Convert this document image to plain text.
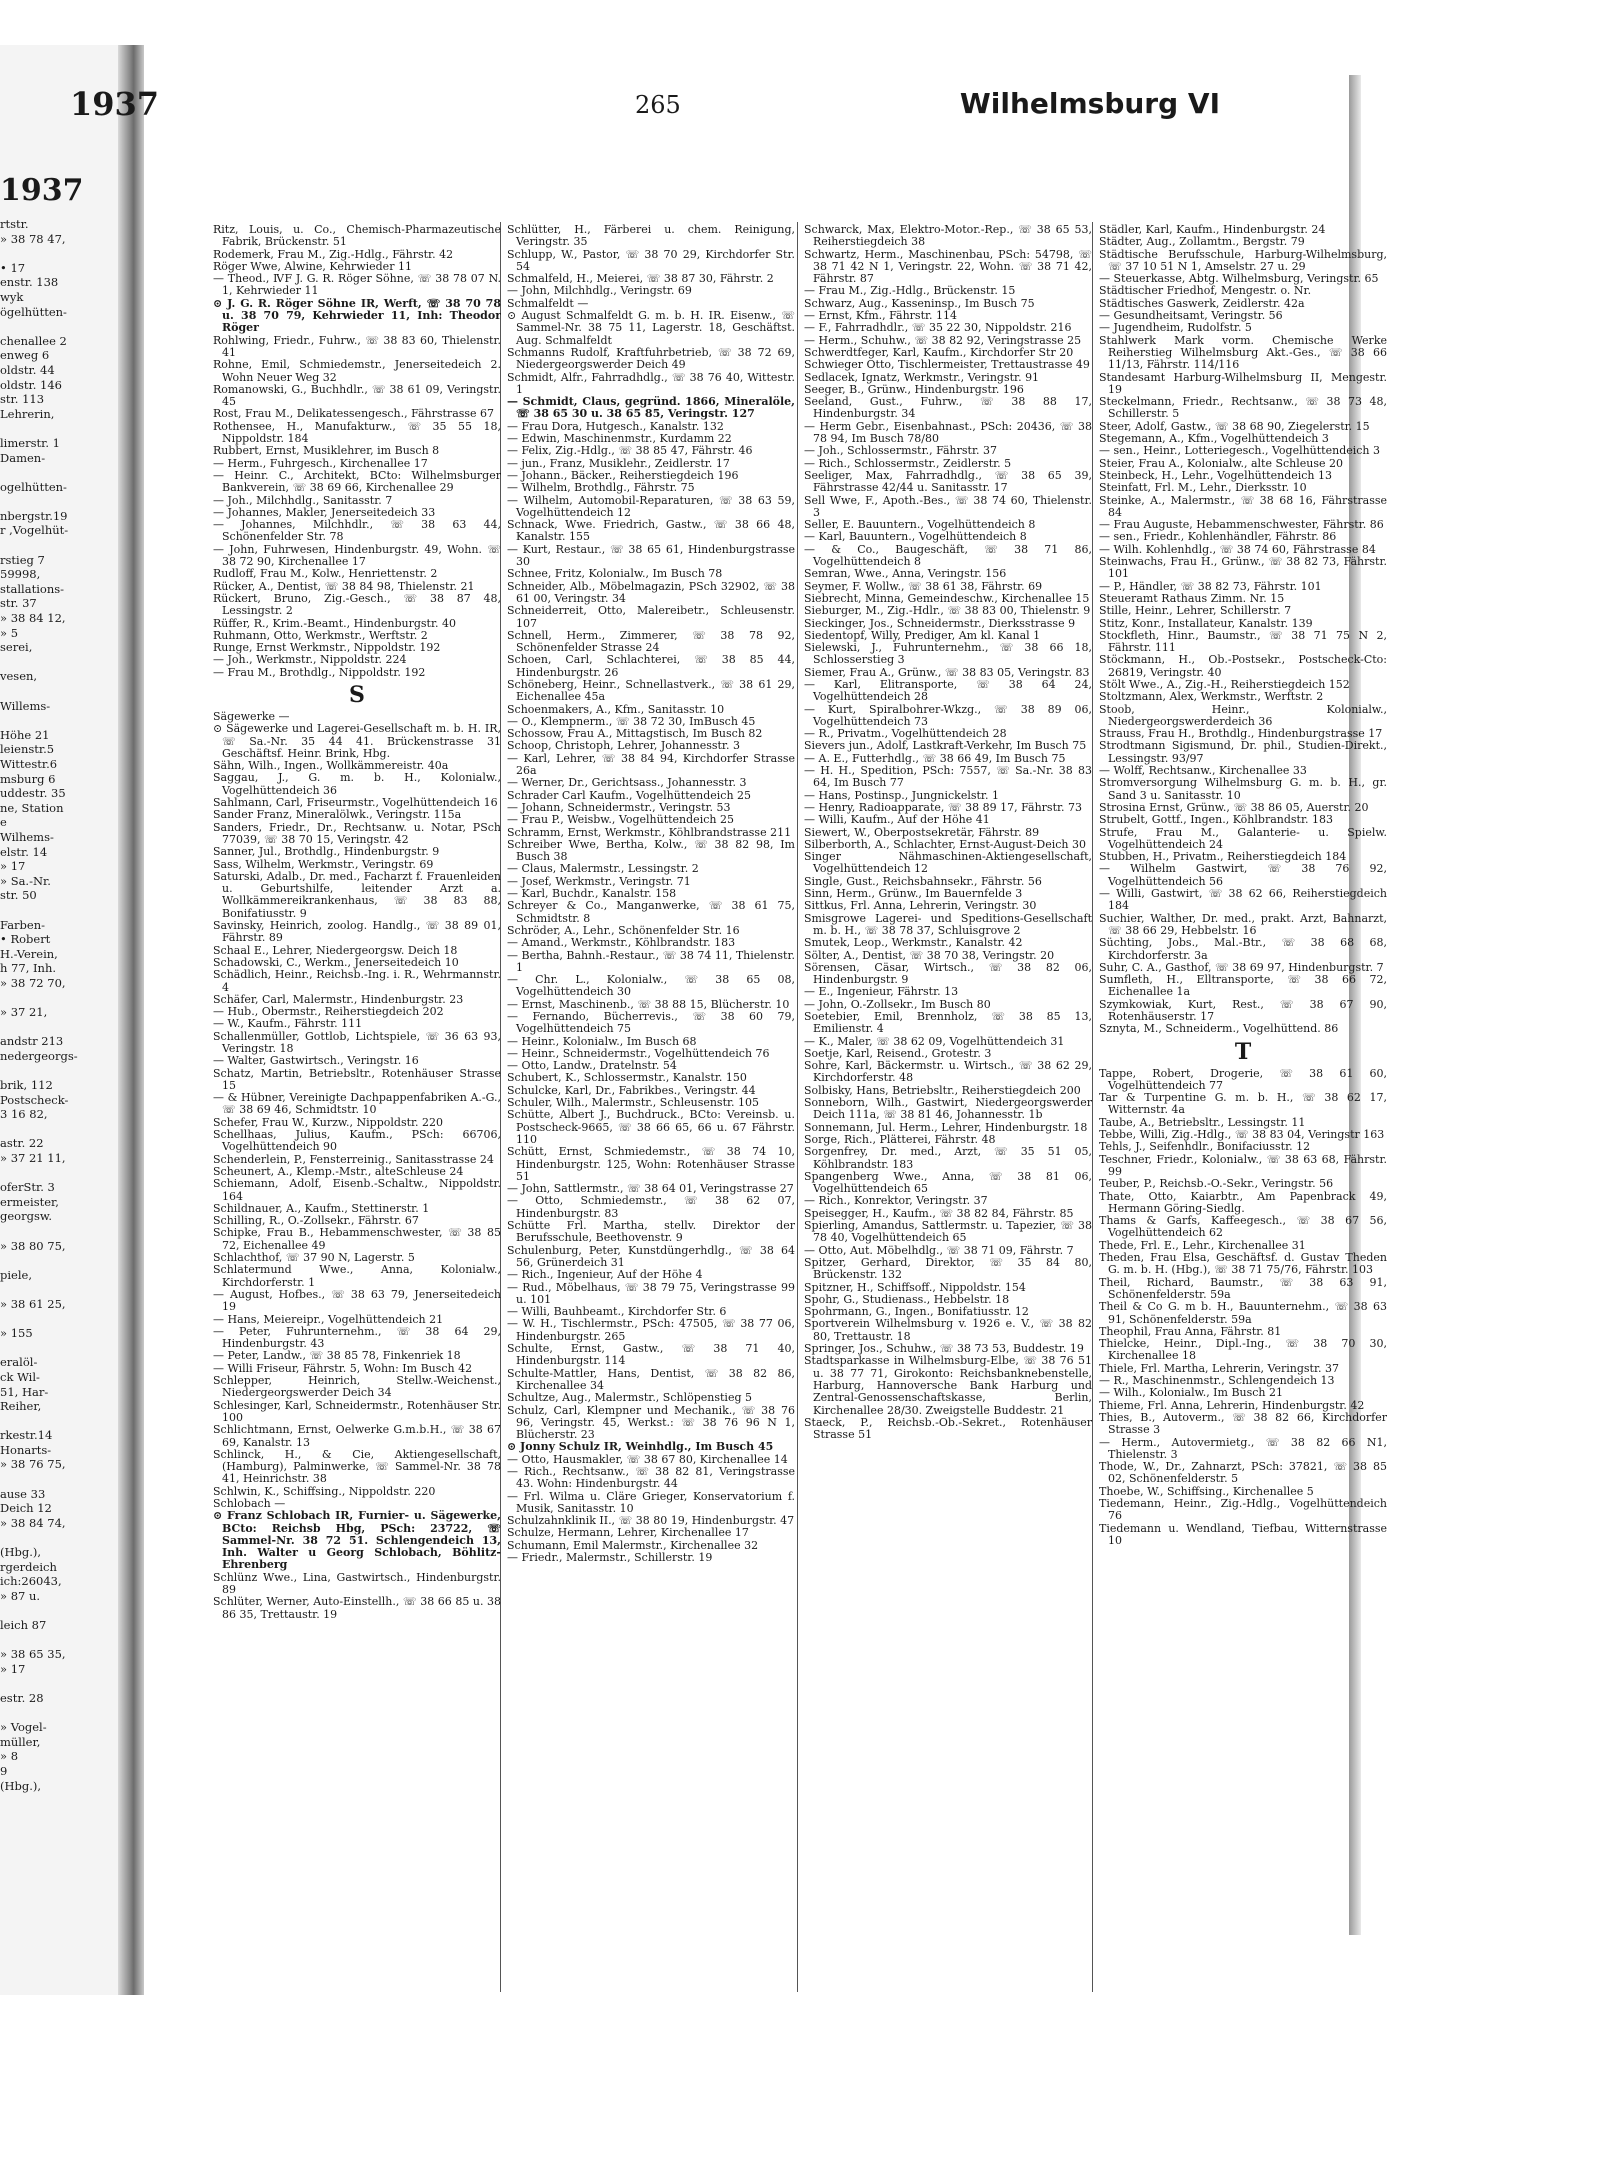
1937
rtstr.
» 38 78 47,
• 17
enstr. 138
wyk
ögelhütten-
chenallee 2
enweg 6
oldstr. 44
oldstr. 146
str. 113
Lehrerin,
limerstr. 1
Damen-
ogelhütten-
nbergstr.19
r ,Vogelhüt-
rstieg 7
59998,
stallations-
str. 37
» 38 84 12,
» 5
serei,
vesen,
Willems-
Höhe 21
leienstr.5
Wittestr.6
msburg 6
uddestr. 35
ne, Station
e
Wilhems-
elstr. 14
» 17
» Sa.-Nr.
str. 50
Farben-
• Robert
H.-Verein,
h 77, Inh.
» 38 72 70,
» 37 21,
andstr 213
nedergeorgs-
brik, 112
Postscheck-
3 16 82,
astr. 22
» 37 21 11,
oferStr. 3
ermeister,
georgsw.
» 38 80 75,
piele,
» 38 61 25,
» 155
eralöl-
ck Wil-
51, Har-
Reiher,
rkestr.14
Honarts-
» 38 76 75,
ause 33
Deich 12
» 38 84 74,
(Hbg.),
rgerdeich
ich:26043,
» 87 u.
leich 87
» 38 65 35,
» 17
estr. 28
» Vogel-
müller,
» 8
9
(Hbg.),
1937	265	Wilhelmsburg VI

Ritz, Louis, u. Co., Chemisch-Pharmazeutische Fabrik, Brückenstr. 51

Rodemerk, Frau M., Zig.-Hdlg., Fährstr. 42

Röger Wwe, Alwine, Kehrwieder 11

— Theod., ⅣF J. G. R. Röger Söhne, ☏ 38 78 07 N. 1, Kehrwieder 11

⊙ J. G. R. Röger Söhne IR, Werft, ☏ 38 70 78 u. 38 70 79, Kehrwieder 11, Inh: Theodor Röger

Rohlwing, Friedr., Fuhrw., ☏ 38 83 60, Thielenstr. 41

Rohne, Emil, Schmiedemstr., Jenerseitedeich 2. Wohn Neuer Weg 32

Romanowski, G., Buchhdlr., ☏ 38 61 09, Veringstr. 45

Rost, Frau M., Delikatessengesch., Fährstrasse 67

Rothensee, H., Manufakturw., ☏ 35 55 18, Nippoldstr. 184

Rubbert, Ernst, Musiklehrer, im Busch 8

— Herm., Fuhrgesch., Kirchenallee 17

— Heinr. C., Architekt, BCto: Wilhelmsburger Bankverein, ☏ 38 69 66, Kirchenallee 29

— Joh., Milchhdlg., Sanitasstr. 7

— Johannes, Makler, Jenerseitedeich 33

— Johannes, Milchhdlr., ☏ 38 63 44, Schönenfelder Str. 78

— John, Fuhrwesen, Hindenburgstr. 49, Wohn. ☏ 38 72 90, Kirchenallee 17

Rudloff, Frau M., Kolw., Henriettenstr. 2

Rücker, A., Dentist, ☏ 38 84 98, Thielenstr. 21

Rückert, Bruno, Zig.-Gesch., ☏ 38 87 48, Lessingstr. 2

Rüffer, R., Krim.-Beamt., Hindenburgstr. 40

Ruhmann, Otto, Werkmstr., Werftstr. 2

Runge, Ernst Werkmstr., Nippoldstr. 192

— Joh., Werkmstr., Nippoldstr. 224

— Frau M., Brothdlg., Nippoldstr. 192

S

Sägewerke —

⊙ Sägewerke und Lagerei-Gesellschaft m. b. H. IR, ☏ Sa.-Nr. 35 44 41. Brückenstrasse 31 Geschäftsf. Heinr. Brink, Hbg.

Sähn, Wilh., Ingen., Wollkämmereistr. 40a

Saggau, J., G. m. b. H., Kolonialw., Vogelhüttendeich 36

Sahlmann, Carl, Friseurmstr., Vogelhüttendeich 16

Sander Franz, Mineralölwk., Veringstr. 115a

Sanders, Friedr., Dr., Rechtsanw. u. Notar, PSch 77039, ☏ 38 70 15, Veringstr. 42

Sanner, Jul., Brothdlg., Hindenburgstr. 9

Sass, Wilhelm, Werkmstr., Veringstr. 69

Saturski, Adalb., Dr. med., Facharzt f. Frauenleiden u. Geburtshilfe, leitender Arzt a. Wollkämmereikrankenhaus, ☏ 38 83 88, Bonifatiusstr. 9

Savinsky, Heinrich, zoolog. Handlg., ☏ 38 89 01, Fährstr. 89

Schaal E., Lehrer, Niedergeorgsw. Deich 18

Schadowski, C., Werkm., Jenerseitedeich 10

Schädlich, Heinr., Reichsb.-Ing. i. R., Wehrmannstr. 4

Schäfer, Carl, Malermstr., Hindenburgstr. 23

— Hub., Obermstr., Reiherstiegdeich 202

— W., Kaufm., Fährstr. 111

Schallenmüller, Gottlob, Lichtspiele, ☏ 36 63 93, Veringstr. 18

— Walter, Gastwirtsch., Veringstr. 16

Schatz, Martin, Betriebsltr., Rotenhäuser Strasse 15

— & Hübner, Vereinigte Dachpappenfabriken A.-G., ☏ 38 69 46, Schmidtstr. 10

Schefer, Frau W., Kurzw., Nippoldstr. 220

Schellhaas, Julius, Kaufm., PSch: 66706, Vogelhüttendeich 90

Schenderlein, P., Fensterreinig., Sanitasstrasse 24

Scheunert, A., Klemp.-Mstr., alteSchleuse 24

Schiemann, Adolf, Eisenb.-Schaltw., Nippoldstr. 164

Schildnauer, A., Kaufm., Stettinerstr. 1

Schilling, R., O.-Zollsekr., Fährstr. 67

Schipke, Frau B., Hebammenschwester, ☏ 38 85 72, Eichenallee 49

Schlachthof, ☏ 37 90 N, Lagerstr. 5

Schlatermund Wwe., Anna, Kolonialw., Kirchdorferstr. 1

— August, Hofbes., ☏ 38 63 79, Jenerseitedeich 19

— Hans, Meiereipr., Vogelhüttendeich 21

— Peter, Fuhrunternehm., ☏ 38 64 29, Hindenburgstr. 43

— Peter, Landw., ☏ 38 85 78, Finkenriek 18

— Willi Friseur, Fährstr. 5, Wohn: Im Busch 42

Schlepper, Heinrich, Stellw.-Weichenst., Niedergeorgswerder Deich 34

Schlesinger, Karl, Schneidermstr., Rotenhäuser Str. 100

Schlichtmann, Ernst, Oelwerke G.m.b.H., ☏ 38 67 69, Kanalstr. 13

Schlinck, H., & Cie, Aktiengesellschaft, (Hamburg), Palminwerke, ☏ Sammel-Nr. 38 78 41, Heinrichstr. 38

Schlwin, K., Schiffsing., Nippoldstr. 220

Schlobach —

⊙ Franz Schlobach IR, Furnier- u. Sägewerke, BCto: Reichsb Hbg, PSch: 23722, ☏ Sammel-Nr. 38 72 51. Schlengendeich 13, Inh. Walter u Georg Schlobach, Böhlitz-Ehrenberg

Schlünz Wwe., Lina, Gastwirtsch., Hindenburgstr. 89

Schlüter, Werner, Auto-Einstellh., ☏ 38 66 85 u. 38 86 35, Trettaustr. 19

Schlütter, H., Färberei u. chem. Reinigung, Veringstr. 35

Schlupp, W., Pastor, ☏ 38 70 29, Kirchdorfer Str. 54

Schmalfeld, H., Meierei, ☏ 38 87 30, Fährstr. 2

— John, Milchhdlg., Veringstr. 69

Schmalfeldt —

⊙ August Schmalfeldt G. m. b. H. IR. Eisenw., ☏ Sammel-Nr. 38 75 11, Lagerstr. 18, Geschäftst. Aug. Schmalfeldt

Schmanns Rudolf, Kraftfuhrbetrieb, ☏ 38 72 69, Niedergeorgswerder Deich 49

Schmidt, Alfr., Fahrradhdlg., ☏ 38 76 40, Wittestr. 1

— Schmidt, Claus, gegründ. 1866, Mineralöle, ☏ 38 65 30 u. 38 65 85, Veringstr. 127

— Frau Dora, Hutgesch., Kanalstr. 132

— Edwin, Maschinenmstr., Kurdamm 22

— Felix, Zig.-Hdlg., ☏ 38 85 47, Fährstr. 46

— jun., Franz, Musiklehr., Zeidlerstr. 17

— Johann., Bäcker., Reiherstiegdeich 196

— Wilhelm, Brothdlg., Fährstr. 75

— Wilhelm, Automobil-Reparaturen, ☏ 38 63 59, Vogelhüttendeich 12

Schnack, Wwe. Friedrich, Gastw., ☏ 38 66 48, Kanalstr. 155

— Kurt, Restaur., ☏ 38 65 61, Hindenburgstrasse 30

Schnee, Fritz, Kolonialw., Im Busch 78

Schneider, Alb., Möbelmagazin, PSch 32902, ☏ 38 61 00, Veringstr. 34

Schneiderreit, Otto, Malereibetr., Schleusenstr. 107

Schnell, Herm., Zimmerer, ☏ 38 78 92, Schönenfelder Strasse 24

Schoen, Carl, Schlachterei, ☏ 38 85 44, Hindenburgstr. 26

Schöneberg, Heinr., Schnellastverk., ☏ 38 61 29, Eichenallee 45a

Schoenmakers, A., Kfm., Sanitasstr. 10

— O., Klempnerm., ☏ 38 72 30, ImBusch 45

Schossow, Frau A., Mittagstisch, Im Busch 82

Schoop, Christoph, Lehrer, Johannesstr. 3

— Karl, Lehrer, ☏ 38 84 94, Kirchdorfer Strasse 26a

— Werner, Dr., Gerichtsass., Johannesstr. 3

Schrader Carl Kaufm., Vogelhüttendeich 25

— Johann, Schneidermstr., Veringstr. 53

— Frau P., Weisbw., Vogelhüttendeich 25

Schramm, Ernst, Werkmstr., Köhlbrandstrasse 211

Schreiber Wwe, Bertha, Kolw., ☏ 38 82 98, Im Busch 38

— Claus, Malermstr., Lessingstr. 2

— Josef, Werkmstr., Veringstr. 71

— Karl, Buchdr., Kanalstr. 158

Schreyer & Co., Manganwerke, ☏ 38 61 75, Schmidtstr. 8

Schröder, A., Lehr., Schönenfelder Str. 16

— Amand., Werkmstr., Köhlbrandstr. 183

— Bertha, Bahnh.-Restaur., ☏ 38 74 11, Thielenstr. 1

— Chr. L., Kolonialw., ☏ 38 65 08, Vogelhüttendeich 30

— Ernst, Maschinenb., ☏ 38 88 15, Blücherstr. 10

— Fernando, Bücherrevis., ☏ 38 60 79, Vogelhüttendeich 75

— Heinr., Kolonialw., Im Busch 68

— Heinr., Schneidermstr., Vogelhüttendeich 76

— Otto, Landw., Dratelnstr. 54

Schubert, K., Schlossermstr., Kanalstr. 150

Schulcke, Karl, Dr., Fabrikbes., Veringstr. 44

Schuler, Wilh., Malermstr., Schleusenstr. 105

Schütte, Albert J., Buchdruck., BCto: Vereinsb. u. Postscheck-9665, ☏ 38 66 65, 66 u. 67 Fährstr. 110

Schütt, Ernst, Schmiedemstr., ☏ 38 74 10, Hindenburgstr. 125, Wohn: Rotenhäuser Strasse 51

— John, Sattlermstr., ☏ 38 64 01, Veringstrasse 27

— Otto, Schmiedemstr., ☏ 38 62 07, Hindenburgstr. 83

Schütte Frl. Martha, stellv. Direktor der Berufsschule, Beethovenstr. 9

Schulenburg, Peter, Kunstdüngerhdlg., ☏ 38 64 56, Grünerdeich 31

— Rich., Ingenieur, Auf der Höhe 4

— Rud., Möbelhaus, ☏ 38 79 75, Veringstrasse 99 u. 101

— Willi, Bauhbeamt., Kirchdorfer Str. 6

— W. H., Tischlermstr., PSch: 47505, ☏ 38 77 06, Hindenburgstr. 265

Schulte, Ernst, Gastw., ☏ 38 71 40, Hindenburgstr. 114

Schulte-Mattler, Hans, Dentist, ☏ 38 82 86, Kirchenallee 34

Schultze, Aug., Malermstr., Schlöpenstieg 5

Schulz, Carl, Klempner und Mechanik., ☏ 38 76 96, Veringstr. 45, Werkst.: ☏ 38 76 96 N 1, Blücherstr. 23

⊙ Jonny Schulz IR, Weinhdlg., Im Busch 45

— Otto, Hausmakler, ☏ 38 67 80, Kirchenallee 14

— Rich., Rechtsanw., ☏ 38 82 81, Veringstrasse 43. Wohn: Hindenburgstr. 44

— Frl. Wilma u. Cläre Grieger, Konservatorium f. Musik, Sanitasstr. 10

Schulzahnklinik II., ☏ 38 80 19, Hindenburgstr. 47

Schulze, Hermann, Lehrer, Kirchenallee 17

Schumann, Emil Malermstr., Kirchenallee 32

— Friedr., Malermstr., Schillerstr. 19

Schwarck, Max, Elektro-Motor.-Rep., ☏ 38 65 53, Reiherstiegdeich 38

Schwartz, Herm., Maschinenbau, PSch: 54798, ☏ 38 71 42 N 1, Veringstr. 22, Wohn. ☏ 38 71 42, Fährstr. 87

— Frau M., Zig.-Hdlg., Brückenstr. 15

Schwarz, Aug., Kasseninsp., Im Busch 75

— Ernst, Kfm., Fährstr. 114

— F., Fahrradhdlr., ☏ 35 22 30, Nippoldstr. 216

— Herm., Schuhw., ☏ 38 82 92, Veringstrasse 25

Schwerdtfeger, Karl, Kaufm., Kirchdorfer Str 20

Schwieger Otto, Tischlermeister, Trettaustrasse 49

Sedlacek, Ignatz, Werkmstr., Veringstr. 91

Seeger, B., Grünw., Hindenburgstr. 196

Seeland, Gust., Fuhrw., ☏ 38 88 17, Hindenburgstr. 34

— Herm Gebr., Eisenbahnast., PSch: 20436, ☏ 38 78 94, Im Busch 78/80

— Joh., Schlossermstr., Fährstr. 37

— Rich., Schlossermstr., Zeidlerstr. 5

Seeliger, Max, Fahrradhdlg., ☏ 38 65 39, Fährstrasse 42/44 u. Sanitasstr. 17

Sell Wwe, F., Apoth.-Bes., ☏ 38 74 60, Thielenstr. 3

Seller, E. Bauuntern., Vogelhüttendeich 8

— Karl, Bauuntern., Vogelhüttendeich 8

— & Co., Baugeschäft, ☏ 38 71 86, Vogelhüttendeich 8

Semran, Wwe., Anna, Veringstr. 156

Seymer, F. Wollw., ☏ 38 61 38, Fährstr. 69

Siebrecht, Minna, Gemeindeschw., Kirchenallee 15

Sieburger, M., Zig.-Hdlr., ☏ 38 83 00, Thielenstr. 9

Sieckinger, Jos., Schneidermstr., Dierksstrasse 9

Siedentopf, Willy, Prediger, Am kl. Kanal 1

Sielewski, J., Fuhrunternehm., ☏ 38 66 18, Schlosserstieg 3

Siemer, Frau A., Grünw., ☏ 38 83 05, Veringstr. 83

— Karl, Elitransporte, ☏ 38 64 24, Vogelhüttendeich 28

— Kurt, Spiralbohrer-Wkzg., ☏ 38 89 06, Vogelhüttendeich 73

— R., Privatm., Vogelhüttendeich 28

Sievers jun., Adolf, Lastkraft-Verkehr, Im Busch 75

— A. E., Futterhdlg., ☏ 38 66 49, Im Busch 75

— H. H., Spedition, PSch: 7557, ☏ Sa.-Nr. 38 83 64, Im Busch 77

— Hans, Postinsp., Jungnickelstr. 1

— Henry, Radioapparate, ☏ 38 89 17, Fährstr. 73

— Willi, Kaufm., Auf der Höhe 41

Siewert, W., Oberpostsekretär, Fährstr. 89

Silberborth, A., Schlachter, Ernst-August-Deich 30

Singer Nähmaschinen-Aktiengesellschaft, Vogelhüttendeich 12

Single, Gust., Reichsbahnsekr., Fährstr. 56

Sinn, Herm., Grünw., Im Bauernfelde 3

Sittkus, Frl. Anna, Lehrerin, Veringstr. 30

Smisgrowe Lagerei- und Speditions-Gesellschaft m. b. H., ☏ 38 78 37, Schluisgrove 2

Smutek, Leop., Werkmstr., Kanalstr. 42

Sölter, A., Dentist, ☏ 38 70 38, Veringstr. 20

Sörensen, Cäsar, Wirtsch., ☏ 38 82 06, Hindenburgstr. 9

— E., Ingenieur, Fährstr. 13

— John, O.-Zollsekr., Im Busch 80

Soetebier, Emil, Brennholz, ☏ 38 85 13, Emilienstr. 4

— K., Maler, ☏ 38 62 09, Vogelhüttendeich 31

Soetje, Karl, Reisend., Grotestr. 3

Sohre, Karl, Bäckermstr. u. Wirtsch., ☏ 38 62 29, Kirchdorferstr. 48

Solbisky, Hans, Betriebsltr., Reiherstiegdeich 200

Sonneborn, Wilh., Gastwirt, Niedergeorgswerder Deich 111a, ☏ 38 81 46, Johannesstr. 1b

Sonnemann, Jul. Herm., Lehrer, Hindenburgstr. 18

Sorge, Rich., Plätterei, Fährstr. 48

Sorgenfrey, Dr. med., Arzt, ☏ 35 51 05, Köhlbrandstr. 183

Spangenberg Wwe., Anna, ☏ 38 81 06, Vogelhüttendeich 65

— Rich., Konrektor, Veringstr. 37

Speisegger, H., Kaufm., ☏ 38 82 84, Fährstr. 85

Spierling, Amandus, Sattlermstr. u. Tapezier, ☏ 38 78 40, Vogelhüttendeich 65

— Otto, Aut. Möbelhdlg., ☏ 38 71 09, Fährstr. 7

Spitzer, Gerhard, Direktor, ☏ 35 84 80, Brückenstr. 132

Spitzner, H., Schiffsoff., Nippoldstr. 154

Spohr, G., Studienass., Hebbelstr. 18

Spohrmann, G., Ingen., Bonifatiusstr. 12

Sportverein Wilhelmsburg v. 1926 e. V., ☏ 38 82 80, Trettaustr. 18

Springer, Jos., Schuhw., ☏ 38 73 53, Buddestr. 19

Stadtsparkasse in Wilhelmsburg-Elbe, ☏ 38 76 51 u. 38 77 71, Girokonto: Reichsbanknebenstelle, Harburg, Hannoversche Bank Harburg und Zentral-Genossenschaftskasse, Berlin, Kirchenallee 28/30. Zweigstelle Buddestr. 21

Staeck, P., Reichsb.-Ob.-Sekret., Rotenhäuser Strasse 51

Städler, Karl, Kaufm., Hindenburgstr. 24

Städter, Aug., Zollamtm., Bergstr. 79

Städtische Berufsschule, Harburg-Wilhelmsburg, ☏ 37 10 51 N 1, Amselstr. 27 u. 29

— Steuerkasse, Abtg. Wilhelmsburg, Veringstr. 65

Städtischer Friedhof, Mengestr. o. Nr.

Städtisches Gaswerk, Zeidlerstr. 42a

— Gesundheitsamt, Veringstr. 56

— Jugendheim, Rudolfstr. 5

Stahlwerk Mark vorm. Chemische Werke Reiherstieg Wilhelmsburg Akt.-Ges., ☏ 38 66 11/13, Fährstr. 114/116

Standesamt Harburg-Wilhelmsburg II, Mengestr. 19

Steckelmann, Friedr., Rechtsanw., ☏ 38 73 48, Schillerstr. 5

Steer, Adolf, Gastw., ☏ 38 68 90, Ziegelerstr. 15

Stegemann, A., Kfm., Vogelhüttendeich 3

— sen., Heinr., Lotteriegesch., Vogelhüttendeich 3

Steier, Frau A., Kolonialw., alte Schleuse 20

Steinbeck, H., Lehr., Vogelhüttendeich 13

Steinfatt, Frl. M., Lehr., Dierksstr. 10

Steinke, A., Malermstr., ☏ 38 68 16, Fährstrasse 84

— Frau Auguste, Hebammenschwester, Fährstr. 86

— sen., Friedr., Kohlenhändler, Fährstr. 86

— Wilh. Kohlenhdlg., ☏ 38 74 60, Fährstrasse 84

Steinwachs, Frau H., Grünw., ☏ 38 82 73, Fährstr. 101

— P., Händler, ☏ 38 82 73, Fährstr. 101

Steueramt Rathaus Zimm. Nr. 15

Stille, Heinr., Lehrer, Schillerstr. 7

Stitz, Konr., Installateur, Kanalstr. 139

Stockfleth, Hinr., Baumstr., ☏ 38 71 75 N 2, Fährstr. 111

Stöckmann, H., Ob.-Postsekr., Postscheck-Cto: 26819, Veringstr. 40

Stölt Wwe., A., Zig.-H., Reiherstiegdeich 152

Stoltzmann, Alex, Werkmstr., Werftstr. 2

Stoob, Heinr., Kolonialw., Niedergeorgswerderdeich 36

Strauss, Frau H., Brothdlg., Hindenburgstrasse 17

Strodtmann Sigismund, Dr. phil., Studien-Direkt., Lessingstr. 93/97

— Wolff, Rechtsanw., Kirchenallee 33

Stromversorgung Wilhelmsburg G. m. b. H., gr. Sand 3 u. Sanitasstr. 10

Strosina Ernst, Grünw., ☏ 38 86 05, Auerstr. 20

Strubelt, Gottf., Ingen., Köhlbrandstr. 183

Strufe, Frau M., Galanterie- u. Spielw. Vogelhüttendeich 24

Stubben, H., Privatm., Reiherstiegdeich 184

— Wilhelm Gastwirt, ☏ 38 76 92, Vogelhüttendeich 56

— Willi, Gastwirt, ☏ 38 62 66, Reiherstiegdeich 184

Suchier, Walther, Dr. med., prakt. Arzt, Bahnarzt, ☏ 38 66 29, Hebbelstr. 16

Süchting, Jobs., Mal.-Btr., ☏ 38 68 68, Kirchdorferstr. 3a

Suhr, C. A., Gasthof, ☏ 38 69 97, Hindenburgstr. 7

Sumfleth, H., Elltransporte, ☏ 38 66 72, Eichenallee 1a

Szymkowiak, Kurt, Rest., ☏ 38 67 90, Rotenhäuserstr. 17

Sznyta, M., Schneiderm., Vogelhüttend. 86

T

Tappe, Robert, Drogerie, ☏ 38 61 60, Vogelhüttendeich 77

Tar & Turpentine G. m. b. H., ☏ 38 62 17, Witternstr. 4a

Taube, A., Betriebsltr., Lessingstr. 11

Tebbe, Willi, Zig.-Hdlg., ☏ 38 83 04, Veringstr 163

Tehls, J., Seifenhdlr., Bonifaciusstr. 12

Teschner, Friedr., Kolonialw., ☏ 38 63 68, Fährstr. 99

Teuber, P., Reichsb.-O.-Sekr., Veringstr. 56

Thate, Otto, Kaiarbtr., Am Papenbrack 49, Hermann Göring-Siedlg.

Thams & Garfs, Kaffeegesch., ☏ 38 67 56, Vogelhüttendeich 62

Thede, Frl. E., Lehr., Kirchenallee 31

Theden, Frau Elsa, Geschäftsf. d. Gustav Theden G. m. b. H. (Hbg.), ☏ 38 71 75/76, Fährstr. 103

Theil, Richard, Baumstr., ☏ 38 63 91, Schönenfelderstr. 59a

Theil & Co G. m b. H., Bauunternehm., ☏ 38 63 91, Schönenfelderstr. 59a

Theophil, Frau Anna, Fährstr. 81

Thielcke, Heinr., Dipl.-Ing., ☏ 38 70 30, Kirchenallee 18

Thiele, Frl. Martha, Lehrerin, Veringstr. 37

— R., Maschinenmstr., Schlengendeich 13

— Wilh., Kolonialw., Im Busch 21

Thieme, Frl. Anna, Lehrerin, Hindenburgstr. 42

Thies, B., Autoverm., ☏ 38 82 66, Kirchdorfer Strasse 3

— Herm., Autovermietg., ☏ 38 82 66 N1, Thielenstr. 3

Thode, W., Dr., Zahnarzt, PSch: 37821, ☏ 38 85 02, Schönenfelderstr. 5

Thoebe, W., Schiffsing., Kirchenallee 5

Tiedemann, Heinr., Zig.-Hdlg., Vogelhüttendeich 76

Tiedemann u. Wendland, Tiefbau, Witternstrasse 10
